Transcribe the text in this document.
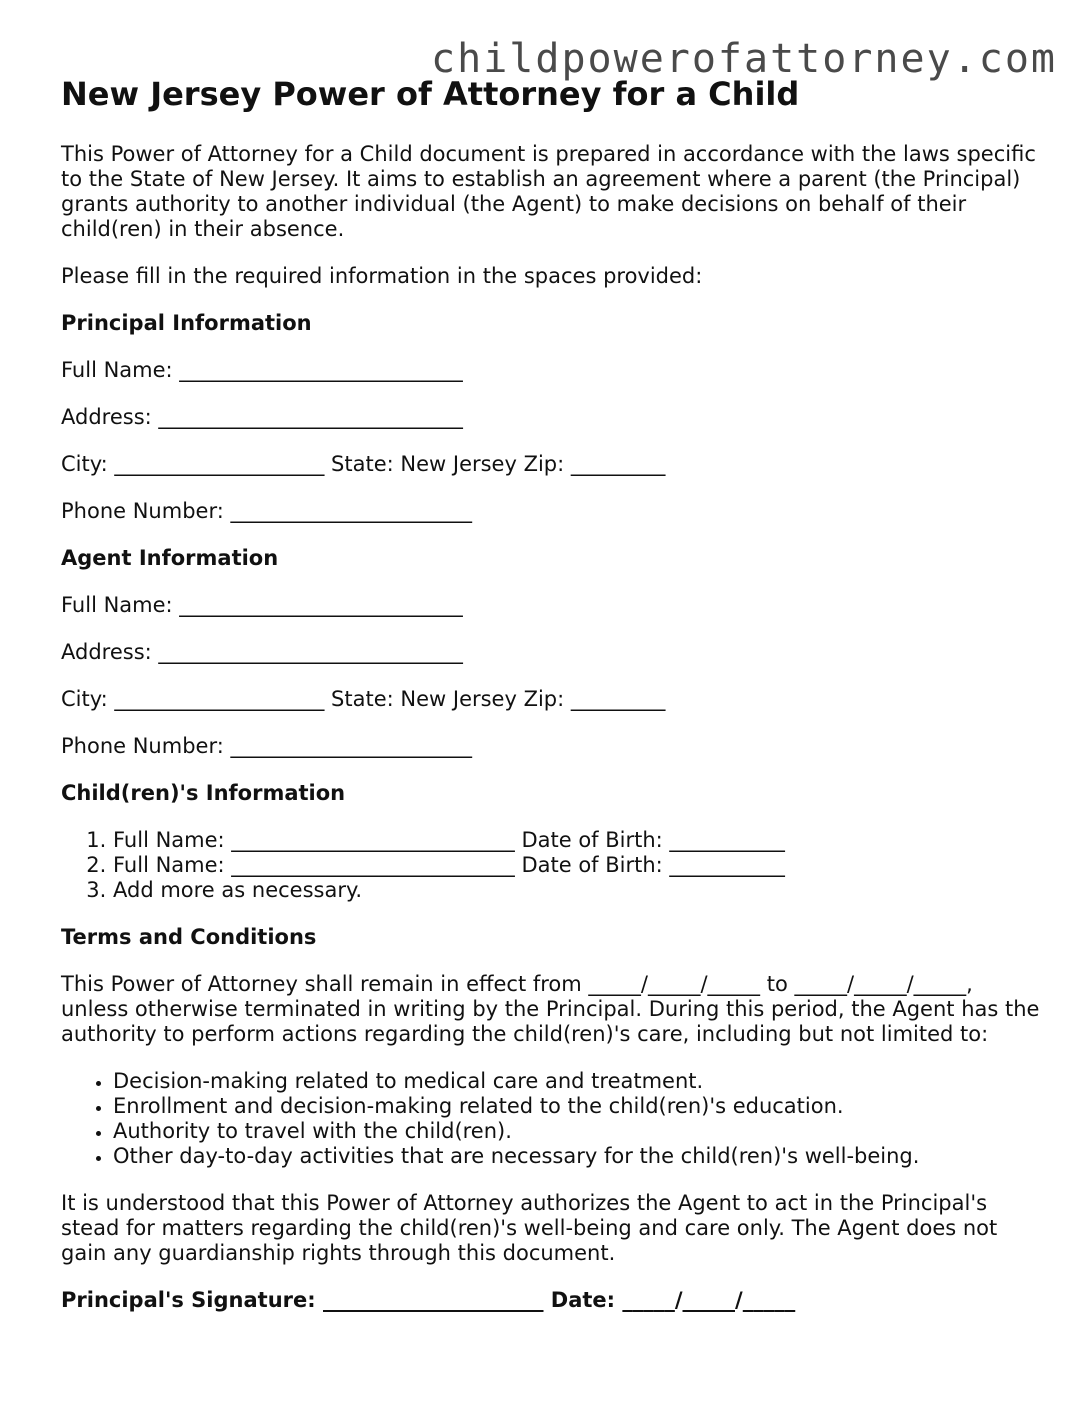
childpowerofattorney.com
New Jersey Power of Attorney for a Child

This Power of Attorney for a Child document is prepared in accordance with the laws specific to the State of New Jersey. It aims to establish an agreement where a parent (the Principal) grants authority to another individual (the Agent) to make decisions on behalf of their child(ren) in their absence.

Please fill in the required information in the spaces provided:

Principal Information

Full Name: ___________________________

Address: _____________________________

City: ____________________ State: New Jersey Zip: _________

Phone Number: _______________________

Agent Information

Full Name: ___________________________

Address: _____________________________

City: ____________________ State: New Jersey Zip: _________

Phone Number: _______________________

Child(ren)'s Information

1. Full Name: ___________________________ Date of Birth: ___________
2. Full Name: ___________________________ Date of Birth: ___________
3. Add more as necessary.

Terms and Conditions

This Power of Attorney shall remain in effect from _____/_____/_____ to _____/_____/_____, unless otherwise terminated in writing by the Principal. During this period, the Agent has the authority to perform actions regarding the child(ren)'s care, including but not limited to:

• Decision-making related to medical care and treatment.
• Enrollment and decision-making related to the child(ren)'s education.
• Authority to travel with the child(ren).
• Other day-to-day activities that are necessary for the child(ren)'s well-being.

It is understood that this Power of Attorney authorizes the Agent to act in the Principal's stead for matters regarding the child(ren)'s well-being and care only. The Agent does not gain any guardianship rights through this document.

Principal's Signature: _____________________ Date: _____/_____/_____
